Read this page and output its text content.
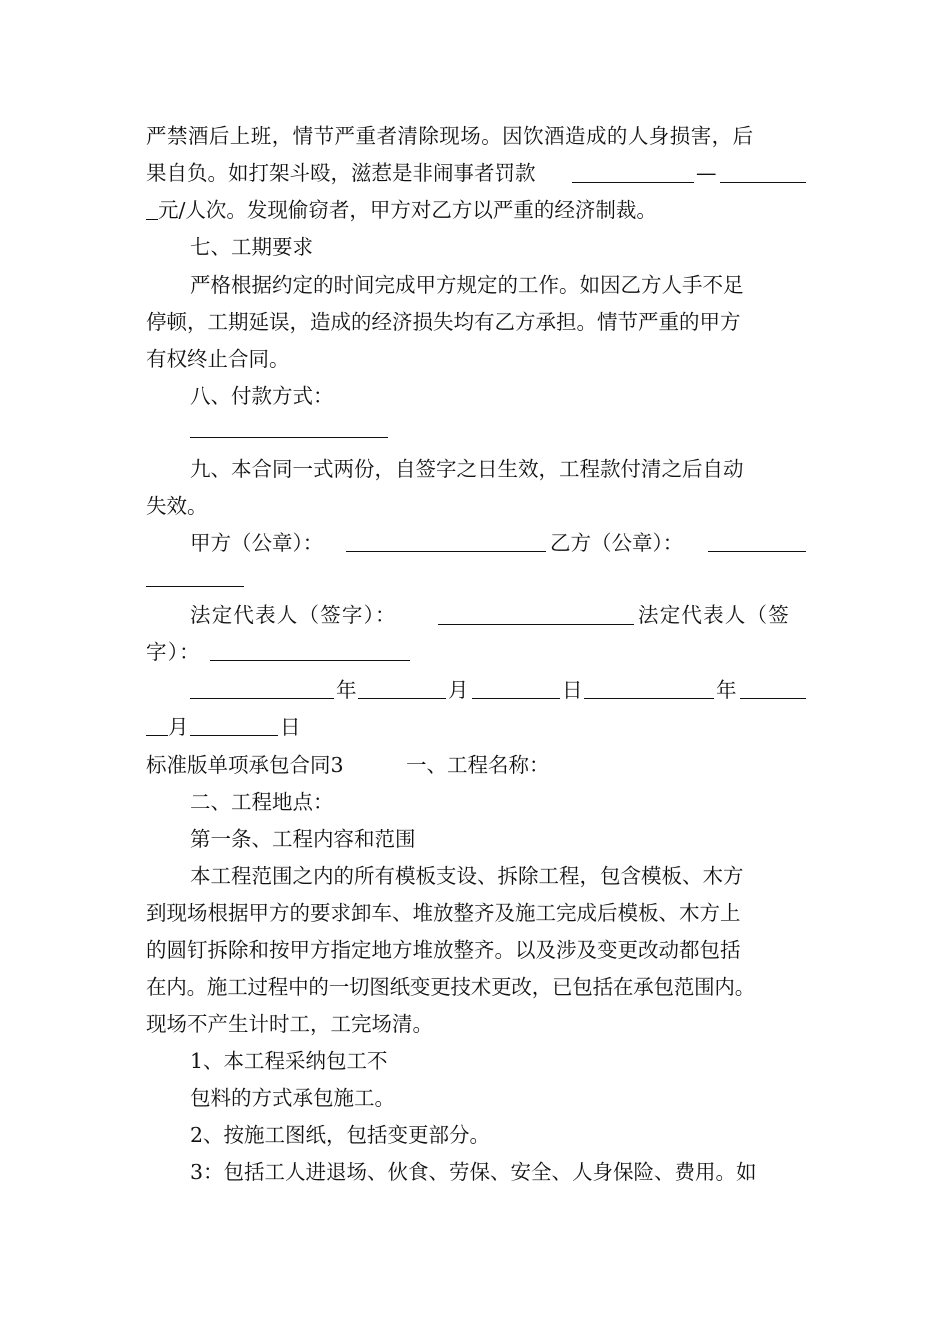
严禁酒后上班，情节严重者清除现场。因饮酒造成的人身损害，后
果自负。如打架斗殴，滋惹是非闹事者罚款	—
元/人次。发现偷窃者，甲方对乙方以严重的经济制裁。
七、工期要求
严格根据约定的时间完成甲方规定的工作。如因乙方人手不足
停顿，工期延误，造成的经济损失均有乙方承担。情节严重的甲方
有权终止合同。
八、付款方式：
九、本合同一式两份，自签字之日生效，工程款付清之后自动
失效。
甲方（公章）：	乙方（公章）：
法定代表人（签字）：	法定代表人（签
字）：
年	月	日	年
月	日
标准版单项承包合同3	一、工程名称：
二、工程地点：
第一条、工程内容和范围
本工程范围之内的所有模板支设、拆除工程，包含模板、木方
到现场根据甲方的要求卸车、堆放整齐及施工完成后模板、木方上
的圆钉拆除和按甲方指定地方堆放整齐。以及涉及变更改动都包括
在内。施工过程中的一切图纸变更技术更改，已包括在承包范围内。
现场不产生计时工，工完场清。
1、本工程采纳包工不
包料的方式承包施工。
2、按施工图纸，包括变更部分。
3：包括工人进退场、伙食、劳保、安全、人身保险、费用。如
